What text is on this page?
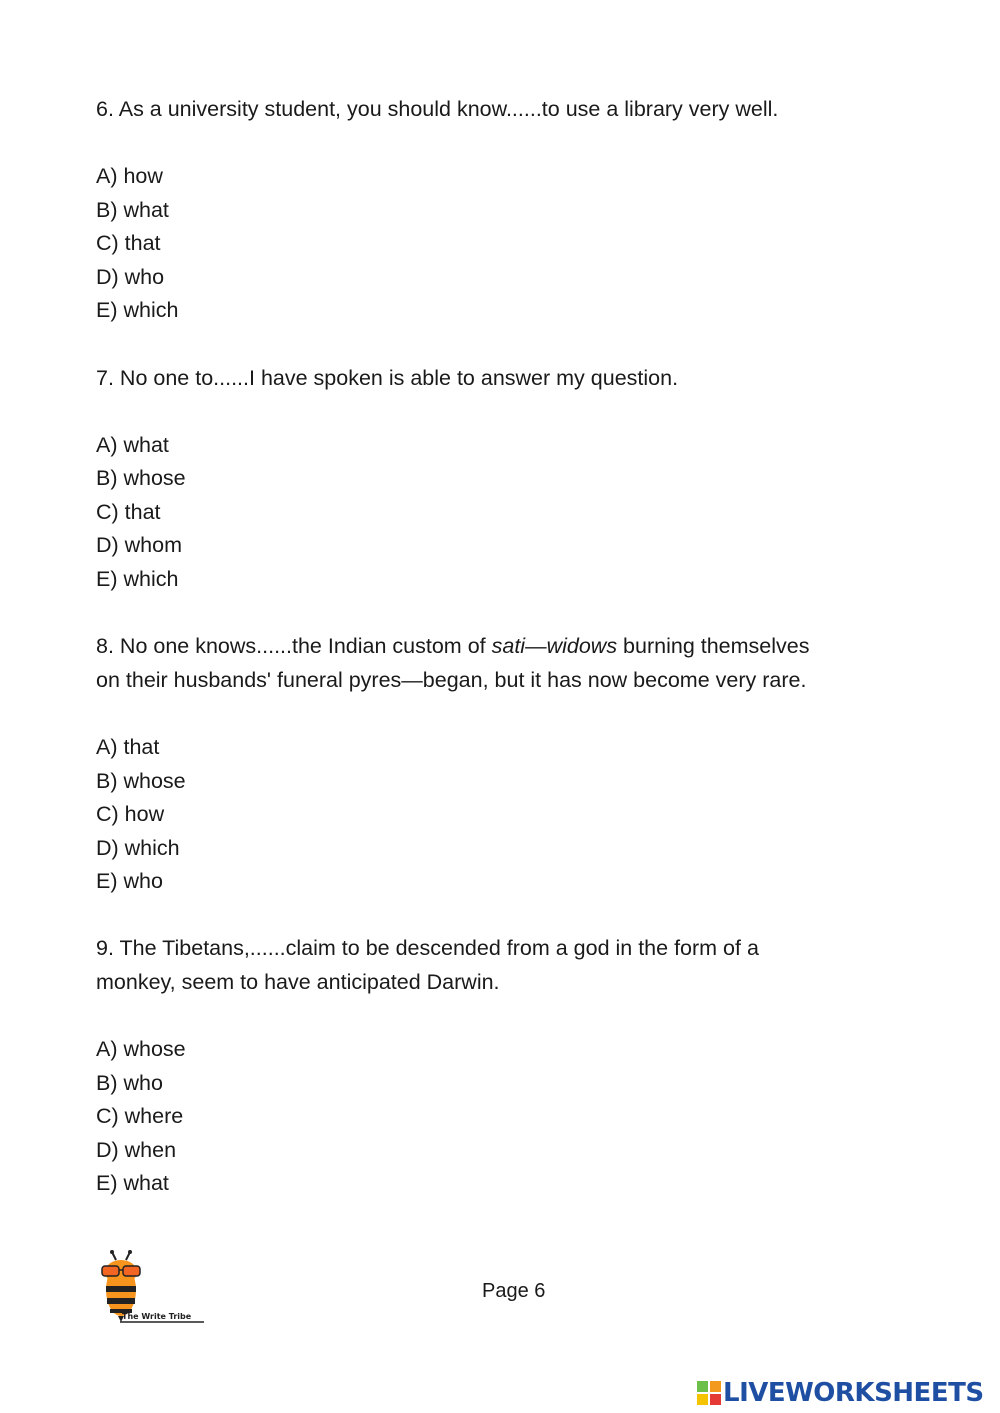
6. As a university student, you should know......to use a library very well.

A) how

B) what

C) that

D) who

E) which

7. No one to......I have spoken is able to answer my question.

A) what

B) whose

C) that

D) whom

E) which

8. No one knows......the Indian custom of sati—widows burning themselves

on their husbands' funeral pyres—began, but it has now become very rare.

A) that

B) whose

C) how

D) which

E) who

9. The Tibetans,......claim to be descended from a god in the form of a

monkey, seem to have anticipated Darwin.

A) whose

B) who

C) where

D) when

E) what

The Write Tribe
Page 6
LIVEWORKSHEETS
